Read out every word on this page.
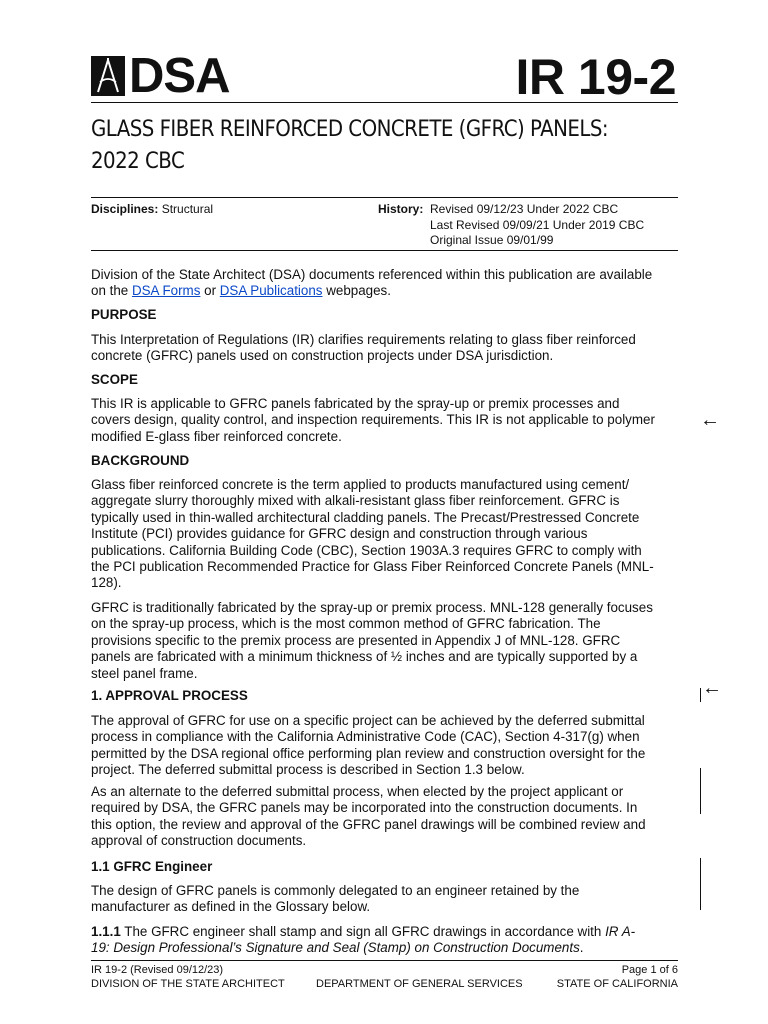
DSA	IR 19-2
GLASS FIBER REINFORCED CONCRETE (GFRC) PANELS:
2022 CBC
Disciplines: Structural	History: Revised 09/12/23 Under 2022 CBC
Last Revised 09/09/21 Under 2019 CBC
Original Issue 09/01/99
Division of the State Architect (DSA) documents referenced within this publication are available
on the DSA Forms or DSA Publications webpages.
PURPOSE
This Interpretation of Regulations (IR) clarifies requirements relating to glass fiber reinforced
concrete (GFRC) panels used on construction projects under DSA jurisdiction.
SCOPE
This IR is applicable to GFRC panels fabricated by the spray-up or premix processes and
covers design, quality control, and inspection requirements. This IR is not applicable to polymer
modified E-glass fiber reinforced concrete.
BACKGROUND
Glass fiber reinforced concrete is the term applied to products manufactured using cement/
aggregate slurry thoroughly mixed with alkali-resistant glass fiber reinforcement. GFRC is
typically used in thin-walled architectural cladding panels. The Precast/Prestressed Concrete
Institute (PCI) provides guidance for GFRC design and construction through various
publications. California Building Code (CBC), Section 1903A.3 requires GFRC to comply with
the PCI publication Recommended Practice for Glass Fiber Reinforced Concrete Panels (MNL-
128).
GFRC is traditionally fabricated by the spray-up or premix process. MNL-128 generally focuses
on the spray-up process, which is the most common method of GFRC fabrication. The
provisions specific to the premix process are presented in Appendix J of MNL-128. GFRC
panels are fabricated with a minimum thickness of ½ inches and are typically supported by a
steel panel frame.
1. APPROVAL PROCESS
The approval of GFRC for use on a specific project can be achieved by the deferred submittal
process in compliance with the California Administrative Code (CAC), Section 4-317(g) when
permitted by the DSA regional office performing plan review and construction oversight for the
project. The deferred submittal process is described in Section 1.3 below.
As an alternate to the deferred submittal process, when elected by the project applicant or
required by DSA, the GFRC panels may be incorporated into the construction documents. In
this option, the review and approval of the GFRC panel drawings will be combined review and
approval of construction documents.
1.1 GFRC Engineer
The design of GFRC panels is commonly delegated to an engineer retained by the
manufacturer as defined in the Glossary below.
1.1.1 The GFRC engineer shall stamp and sign all GFRC drawings in accordance with IR A-
19: Design Professional’s Signature and Seal (Stamp) on Construction Documents.
IR 19-2 (Revised 09/12/23)	Page 1 of 6
DIVISION OF THE STATE ARCHITECT	DEPARTMENT OF GENERAL SERVICES	STATE OF CALIFORNIA
←
←
